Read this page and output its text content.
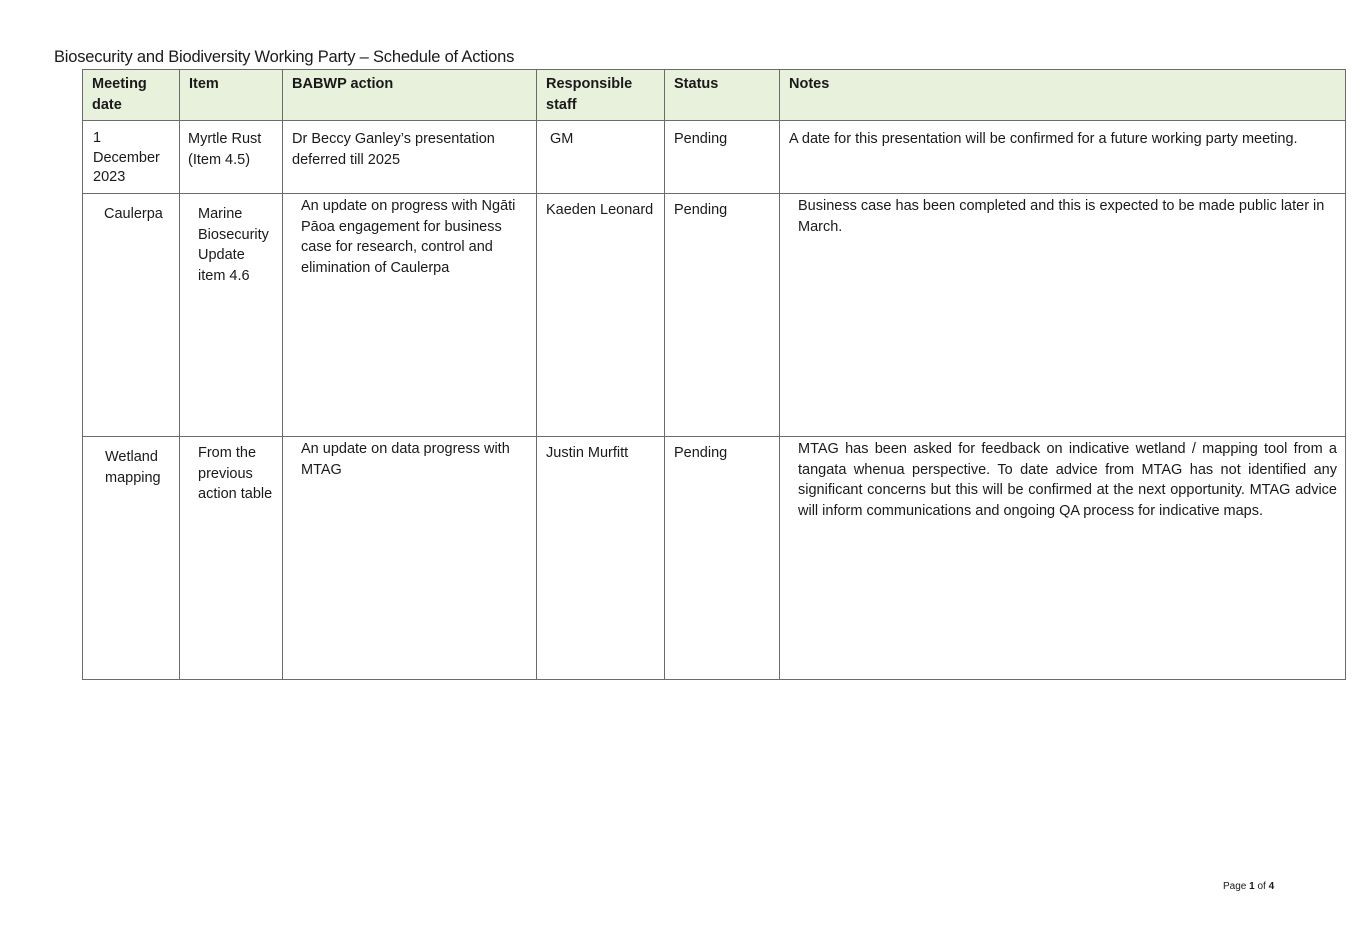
Biosecurity and Biodiversity Working Party – Schedule of Actions
Meeting date	Item	BABWP action	Responsible staff	Status	Notes
1 December 2023	Myrtle Rust (Item 4.5)	Dr Beccy Ganley’s presentation deferred till 2025	GM	Pending	A date for this presentation will be confirmed for a future working party meeting.
Caulerpa	Marine Biosecurity Update item 4.6	An update on progress with Ngāti Pāoa engagement for business case for research, control and elimination of Caulerpa	Kaeden Leonard	Pending	Business case has been completed and this is expected to be made public later in March.
Wetland mapping	From the previous action table	An update on data progress with MTAG	Justin Murfitt	Pending	MTAG has been asked for feedback on indicative wetland / mapping tool from a tangata whenua perspective. To date advice from MTAG has not identified any significant concerns but this will be confirmed at the next opportunity. MTAG advice will inform communications and ongoing QA process for indicative maps.
Page 1 of 4
